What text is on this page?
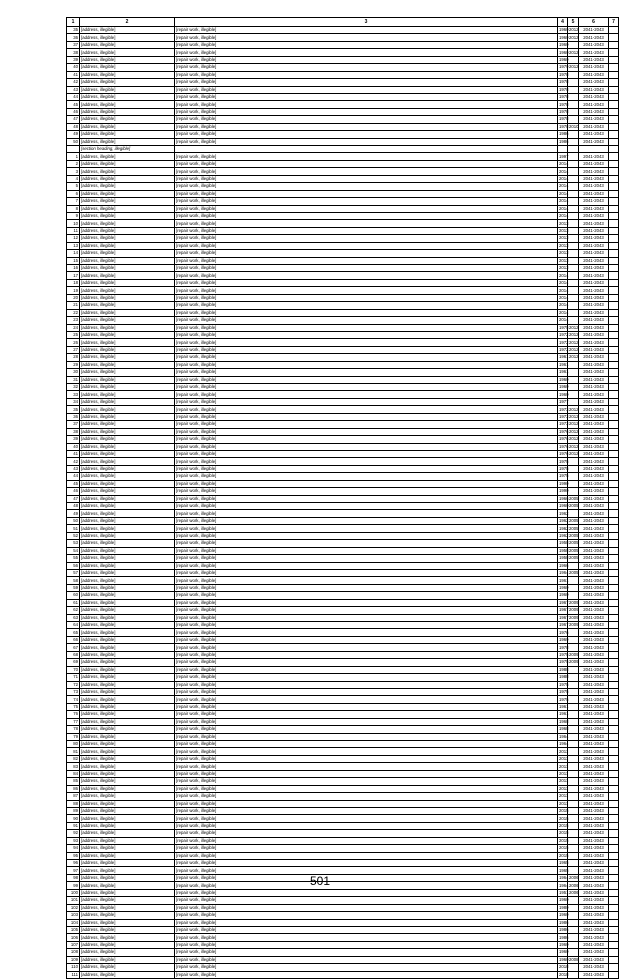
1	2	3	4	5	6	7
35	[address, illegible]	[repair work, illegible]	1960	2012	2041-2043	
36	[address, illegible]	[repair work, illegible]	1960	2012	2041-2043	
37	[address, illegible]	[repair work, illegible]	1960		2041-2043	
38	[address, illegible]	[repair work, illegible]	1960	2012	2041-2043	
39	[address, illegible]	[repair work, illegible]	1960		2041-2043	
40	[address, illegible]	[repair work, illegible]	1979	2012	2041-2043	
41	[address, illegible]	[repair work, illegible]	1978		2041-2043	
42	[address, illegible]	[repair work, illegible]	1978		2041-2043	
43	[address, illegible]	[repair work, illegible]	1978		2041-2043	
44	[address, illegible]	[repair work, illegible]	1978		2041-2043	
45	[address, illegible]	[repair work, illegible]	1978		2041-2043	
46	[address, illegible]	[repair work, illegible]	1978		2041-2043	
47	[address, illegible]	[repair work, illegible]	1978		2041-2043	
48	[address, illegible]	[repair work, illegible]	1978	2010	2041-2043	
49	[address, illegible]	[repair work, illegible]	1986		2041-2043	
50	[address, illegible]	[repair work, illegible]	1986		2041-2043	
	[section heading, illegible]					
1	[address, illegible]	[repair work, illegible]	1997		2041-2043	
2	[address, illegible]	[repair work, illegible]	2014		2041-2043	
3	[address, illegible]	[repair work, illegible]	2014		2041-2043	
4	[address, illegible]	[repair work, illegible]	2014		2041-2043	
5	[address, illegible]	[repair work, illegible]	2014		2041-2043	
6	[address, illegible]	[repair work, illegible]	2014		2041-2043	
7	[address, illegible]	[repair work, illegible]	2014		2041-2043	
8	[address, illegible]	[repair work, illegible]	2014		2041-2043	
9	[address, illegible]	[repair work, illegible]	2014		2041-2043	
10	[address, illegible]	[repair work, illegible]	2013		2041-2043	
11	[address, illegible]	[repair work, illegible]	2013		2041-2043	
12	[address, illegible]	[repair work, illegible]	2013		2041-2043	
13	[address, illegible]	[repair work, illegible]	2013		2041-2043	
14	[address, illegible]	[repair work, illegible]	2013		2041-2043	
15	[address, illegible]	[repair work, illegible]	2013		2041-2043	
16	[address, illegible]	[repair work, illegible]	2013		2041-2043	
17	[address, illegible]	[repair work, illegible]	2014		2041-2043	
18	[address, illegible]	[repair work, illegible]	2014		2041-2043	
19	[address, illegible]	[repair work, illegible]	2014		2041-2043	
20	[address, illegible]	[repair work, illegible]	2014		2041-2043	
21	[address, illegible]	[repair work, illegible]	2014		2041-2043	
22	[address, illegible]	[repair work, illegible]	2014		2041-2043	
23	[address, illegible]	[repair work, illegible]	2014		2041-2043	
24	[address, illegible]	[repair work, illegible]	1975	2012	2041-2043	
25	[address, illegible]	[repair work, illegible]	1972	2012	2041-2043	
26	[address, illegible]	[repair work, illegible]	1972	2012	2041-2043	
27	[address, illegible]	[repair work, illegible]	1972	2012	2041-2043	
28	[address, illegible]	[repair work, illegible]	1961	2012	2041-2043	
29	[address, illegible]	[repair work, illegible]	1961		2041-2043	
30	[address, illegible]	[repair work, illegible]	1961		2041-2043	
31	[address, illegible]	[repair work, illegible]	1960		2041-2043	
32	[address, illegible]	[repair work, illegible]	1960		2041-2043	
33	[address, illegible]	[repair work, illegible]	1960		2041-2043	
34	[address, illegible]	[repair work, illegible]	1977		2041-2043	
35	[address, illegible]	[repair work, illegible]	1973	2012	2041-2043	
36	[address, illegible]	[repair work, illegible]	1973	2012	2041-2043	
37	[address, illegible]	[repair work, illegible]	1973	2012	2041-2043	
38	[address, illegible]	[repair work, illegible]	1976	2012	2041-2043	
39	[address, illegible]	[repair work, illegible]	1976	2012	2041-2043	
40	[address, illegible]	[repair work, illegible]	1976	2012	2041-2043	
41	[address, illegible]	[repair work, illegible]	1976	2012	2041-2043	
42	[address, illegible]	[repair work, illegible]	1975		2041-2043	
43	[address, illegible]	[repair work, illegible]	1975		2041-2043	
44	[address, illegible]	[repair work, illegible]	1975		2041-2043	
45	[address, illegible]	[repair work, illegible]	1990		2041-2043	
46	[address, illegible]	[repair work, illegible]	1990		2041-2043	
47	[address, illegible]	[repair work, illegible]	1966	2005	2041-2043	
48	[address, illegible]	[repair work, illegible]	1960	2005	2041-2043	
49	[address, illegible]	[repair work, illegible]	1962		2041-2043	
50	[address, illegible]	[repair work, illegible]	1962	2005	2041-2043	
51	[address, illegible]	[repair work, illegible]	1962	2005	2041-2043	
52	[address, illegible]	[repair work, illegible]	1962	2005	2041-2043	
53	[address, illegible]	[repair work, illegible]	1958	2005	2041-2043	
54	[address, illegible]	[repair work, illegible]	1958	2005	2041-2043	
55	[address, illegible]	[repair work, illegible]	1958	2005	2041-2043	
56	[address, illegible]	[repair work, illegible]	1966		2041-2043	
57	[address, illegible]	[repair work, illegible]	1964	2005	2041-2043	
58	[address, illegible]	[repair work, illegible]	1961		2041-2043	
59	[address, illegible]	[repair work, illegible]	1960		2041-2043	
60	[address, illegible]	[repair work, illegible]	1960		2041-2043	
61	[address, illegible]	[repair work, illegible]	1967	2009	2041-2043	
62	[address, illegible]	[repair work, illegible]	1967	2009	2041-2043	
63	[address, illegible]	[repair work, illegible]	1967	2009	2041-2043	
64	[address, illegible]	[repair work, illegible]	1967	2009	2041-2043	
65	[address, illegible]	[repair work, illegible]	1976		2041-2043	
66	[address, illegible]	[repair work, illegible]	1969		2041-2043	
67	[address, illegible]	[repair work, illegible]	1978		2041-2043	
68	[address, illegible]	[repair work, illegible]	1975	2009	2041-2043	
69	[address, illegible]	[repair work, illegible]	1975	2009	2041-2043	
70	[address, illegible]	[repair work, illegible]	1988		2041-2043	
71	[address, illegible]	[repair work, illegible]	1988		2041-2043	
72	[address, illegible]	[repair work, illegible]	1975		2041-2043	
73	[address, illegible]	[repair work, illegible]	1975		2041-2043	
74	[address, illegible]	[repair work, illegible]	1975		2041-2043	
75	[address, illegible]	[repair work, illegible]	1961		2041-2043	
76	[address, illegible]	[repair work, illegible]	1961		2041-2043	
77	[address, illegible]	[repair work, illegible]	1968		2041-2043	
78	[address, illegible]	[repair work, illegible]	1968		2041-2043	
79	[address, illegible]	[repair work, illegible]	1964		2041-2043	
80	[address, illegible]	[repair work, illegible]	1964		2041-2043	
81	[address, illegible]	[repair work, illegible]	2011		2041-2043	
82	[address, illegible]	[repair work, illegible]	2011		2041-2043	
83	[address, illegible]	[repair work, illegible]	2011		2041-2043	
84	[address, illegible]	[repair work, illegible]	2011		2041-2043	
85	[address, illegible]	[repair work, illegible]	2011		2041-2043	
86	[address, illegible]	[repair work, illegible]	2011		2041-2043	
87	[address, illegible]	[repair work, illegible]	2011		2041-2043	
88	[address, illegible]	[repair work, illegible]	2011		2041-2043	
89	[address, illegible]	[repair work, illegible]	2015		2041-2043	
90	[address, illegible]	[repair work, illegible]	2015		2041-2043	
91	[address, illegible]	[repair work, illegible]	2015		2041-2043	
92	[address, illegible]	[repair work, illegible]	2015		2041-2043	
93	[address, illegible]	[repair work, illegible]	2015		2041-2043	
94	[address, illegible]	[repair work, illegible]	2015		2041-2043	
95	[address, illegible]	[repair work, illegible]	2015		2041-2043	
96	[address, illegible]	[repair work, illegible]	1965		2041-2043	
97	[address, illegible]	[repair work, illegible]	1965		2041-2043	
98	[address, illegible]	[repair work, illegible]	1964	2006	2041-2043	
99	[address, illegible]	[repair work, illegible]	1964	2006	2041-2043	
100	[address, illegible]	[repair work, illegible]	1951	2006	2041-2043	
101	[address, illegible]	[repair work, illegible]	1960		2041-2043	
102	[address, illegible]	[repair work, illegible]	1980		2041-2043	
103	[address, illegible]	[repair work, illegible]	1960		2041-2043	
104	[address, illegible]	[repair work, illegible]	1986		2041-2043	
105	[address, illegible]	[repair work, illegible]	1986		2041-2043	
106	[address, illegible]	[repair work, illegible]	1986		2041-2043	
107	[address, illegible]	[repair work, illegible]	1960		2041-2043	
108	[address, illegible]	[repair work, illegible]	1960		2041-2043	
109	[address, illegible]	[repair work, illegible]	1960	2008	2041-2043	
110	[address, illegible]	[repair work, illegible]	2018		2041-2043	
111	[address, illegible]	[repair work, illegible]	2018		2041-2043	
501
